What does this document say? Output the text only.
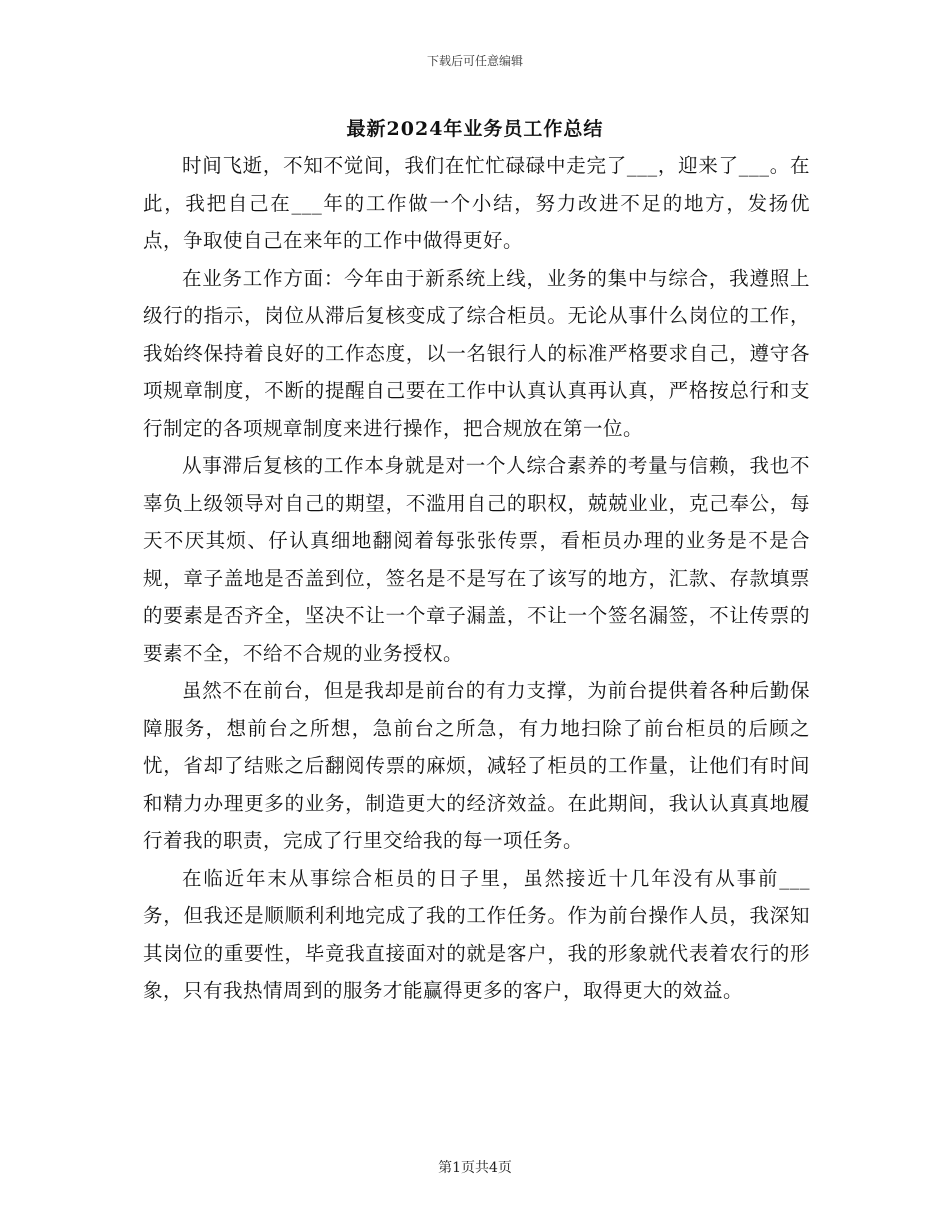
下载后可任意编辑
最新2024年业务员工作总结

时间飞逝，不知不觉间，我们在忙忙碌碌中走完了___，迎来了___。在此，我把自己在___年的工作做一个小结，努力改进不足的地方，发扬优点，争取使自己在来年的工作中做得更好。

在业务工作方面：今年由于新系统上线，业务的集中与综合，我遵照上级行的指示，岗位从滞后复核变成了综合柜员。无论从事什么岗位的工作，我始终保持着良好的工作态度，以一名银行人的标准严格要求自己，遵守各项规章制度，不断的提醒自己要在工作中认真认真再认真，严格按总行和支行制定的各项规章制度来进行操作，把合规放在第一位。

从事滞后复核的工作本身就是对一个人综合素养的考量与信赖，我也不辜负上级领导对自己的期望，不滥用自己的职权，兢兢业业，克己奉公，每天不厌其烦、仔认真细地翻阅着每张张传票，看柜员办理的业务是不是合规，章子盖地是否盖到位，签名是不是写在了该写的地方，汇款、存款填票的要素是否齐全，坚决不让一个章子漏盖，不让一个签名漏签，不让传票的要素不全，不给不合规的业务授权。

虽然不在前台，但是我却是前台的有力支撑，为前台提供着各种后勤保障服务，想前台之所想，急前台之所急，有力地扫除了前台柜员的后顾之忧，省却了结账之后翻阅传票的麻烦，减轻了柜员的工作量，让他们有时间和精力办理更多的业务，制造更大的经济效益。在此期间，我认认真真地履行着我的职责，完成了行里交给我的每一项任务。

在临近年末从事综合柜员的日子里，虽然接近十几年没有从事前___务，但我还是顺顺利利地完成了我的工作任务。作为前台操作人员，我深知其岗位的重要性，毕竟我直接面对的就是客户，我的形象就代表着农行的形象，只有我热情周到的服务才能赢得更多的客户，取得更大的效益。

第1页共4页
